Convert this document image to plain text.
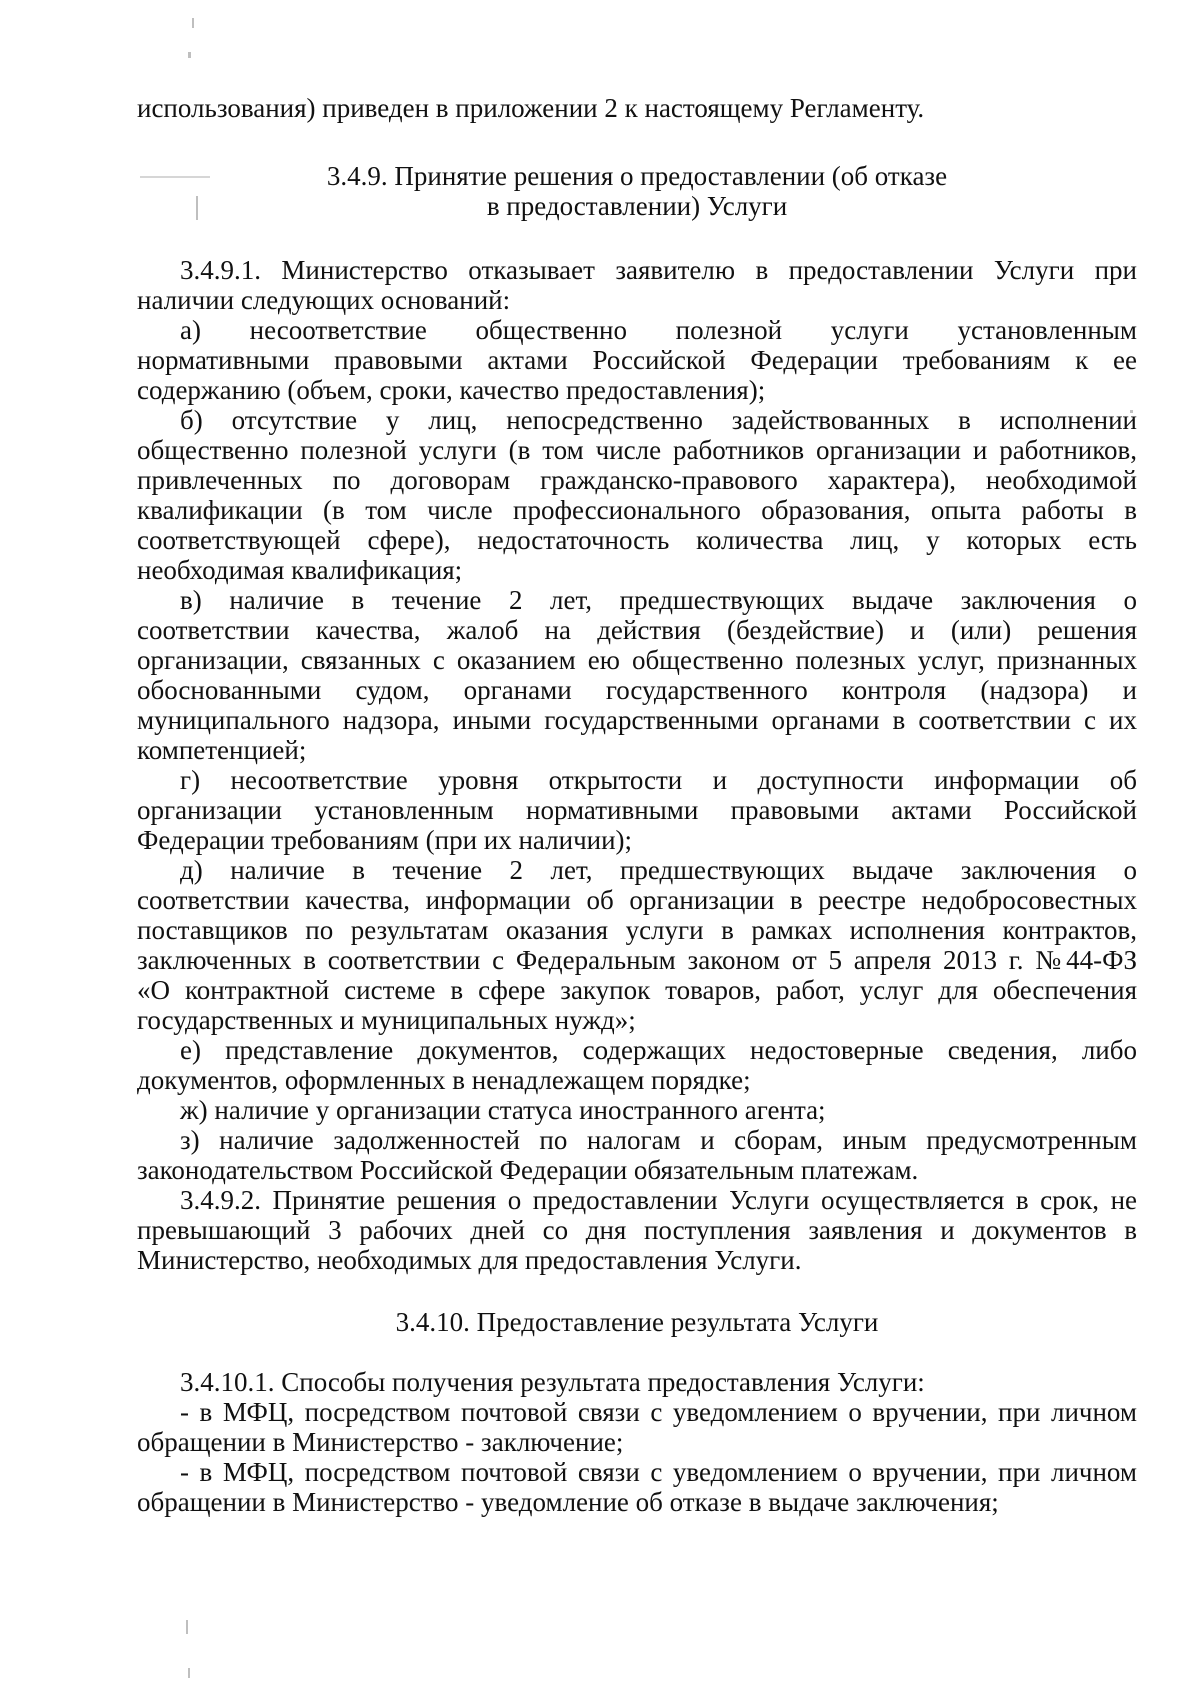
использования) приведен в приложении 2 к настоящему Регламенту.
3.4.9. Принятие решения о предоставлении (об отказе
в предоставлении) Услуги
3.4.9.1. Министерство отказывает заявителю в предоставлении Услуги при
наличии следующих оснований:
а) несоответствие общественно полезной услуги установленным
нормативными правовыми актами Российской Федерации требованиям к ее
содержанию (объем, сроки, качество предоставления);
б) отсутствие у лиц, непосредственно задействованных в исполнении
общественно полезной услуги (в том числе работников организации и работников,
привлеченных по договорам гражданско-правового характера), необходимой
квалификации (в том числе профессионального образования, опыта работы в
соответствующей сфере), недостаточность количества лиц, у которых есть
необходимая квалификация;
в) наличие в течение 2 лет, предшествующих выдаче заключения о
соответствии качества, жалоб на действия (бездействие) и (или) решения
организации, связанных с оказанием ею общественно полезных услуг, признанных
обоснованными судом, органами государственного контроля (надзора) и
муниципального надзора, иными государственными органами в соответствии с их
компетенцией;
г) несоответствие уровня открытости и доступности информации об
организации установленным нормативными правовыми актами Российской
Федерации требованиям (при их наличии);
д) наличие в течение 2 лет, предшествующих выдаче заключения о
соответствии качества, информации об организации в реестре недобросовестных
поставщиков по результатам оказания услуги в рамках исполнения контрактов,
заключенных в соответствии с Федеральным законом от 5 апреля 2013 г. №44-ФЗ
«О контрактной системе в сфере закупок товаров, работ, услуг для обеспечения
государственных и муниципальных нужд»;
е) представление документов, содержащих недостоверные сведения, либо
документов, оформленных в ненадлежащем порядке;
ж) наличие у организации статуса иностранного агента;
з) наличие задолженностей по налогам и сборам, иным предусмотренным
законодательством Российской Федерации обязательным платежам.
3.4.9.2. Принятие решения о предоставлении Услуги осуществляется в срок, не
превышающий 3 рабочих дней со дня поступления заявления и документов в
Министерство, необходимых для предоставления Услуги.
3.4.10. Предоставление результата Услуги
3.4.10.1. Способы получения результата предоставления Услуги:
- в МФЦ, посредством почтовой связи с уведомлением о вручении, при личном
обращении в Министерство - заключение;
- в МФЦ, посредством почтовой связи с уведомлением о вручении, при личном
обращении в Министерство - уведомление об отказе в выдаче заключения;
